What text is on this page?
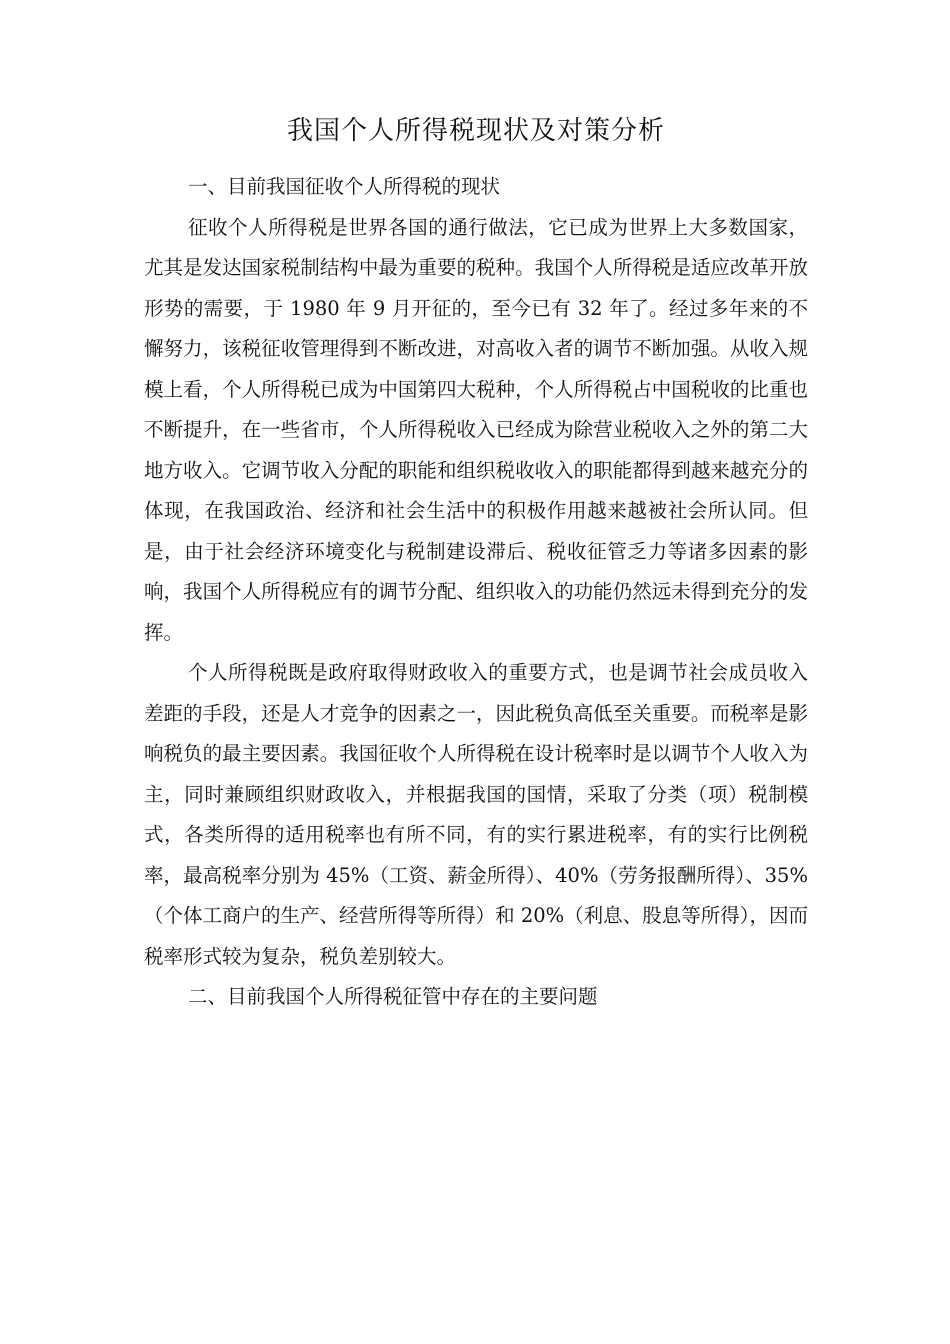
我国个人所得税现状及对策分析

一、目前我国征收个人所得税的现状

征收个人所得税是世界各国的通行做法，它已成为世界上大多数国家，尤其是发达国家税制结构中最为重要的税种。我国个人所得税是适应改革开放形势的需要，于 1980 年 9 月开征的，至今已有 32 年了。经过多年来的不懈努力，该税征收管理得到不断改进，对高收入者的调节不断加强。从收入规模上看，个人所得税已成为中国第四大税种，个人所得税占中国税收的比重也不断提升，在一些省市，个人所得税收入已经成为除营业税收入之外的第二大地方收入。它调节收入分配的职能和组织税收收入的职能都得到越来越充分的体现，在我国政治、经济和社会生活中的积极作用越来越被社会所认同。但是，由于社会经济环境变化与税制建设滞后、税收征管乏力等诸多因素的影响，我国个人所得税应有的调节分配、组织收入的功能仍然远未得到充分的发挥。

个人所得税既是政府取得财政收入的重要方式，也是调节社会成员收入差距的手段，还是人才竞争的因素之一，因此税负高低至关重要。而税率是影响税负的最主要因素。我国征收个人所得税在设计税率时是以调节个人收入为主，同时兼顾组织财政收入，并根据我国的国情，采取了分类（项）税制模式，各类所得的适用税率也有所不同，有的实行累进税率，有的实行比例税率，最高税率分别为 45%（工资、薪金所得）、40%（劳务报酬所得）、35%（个体工商户的生产、经营所得等所得）和 20%（利息、股息等所得），因而税率形式较为复杂，税负差别较大。

二、目前我国个人所得税征管中存在的主要问题
